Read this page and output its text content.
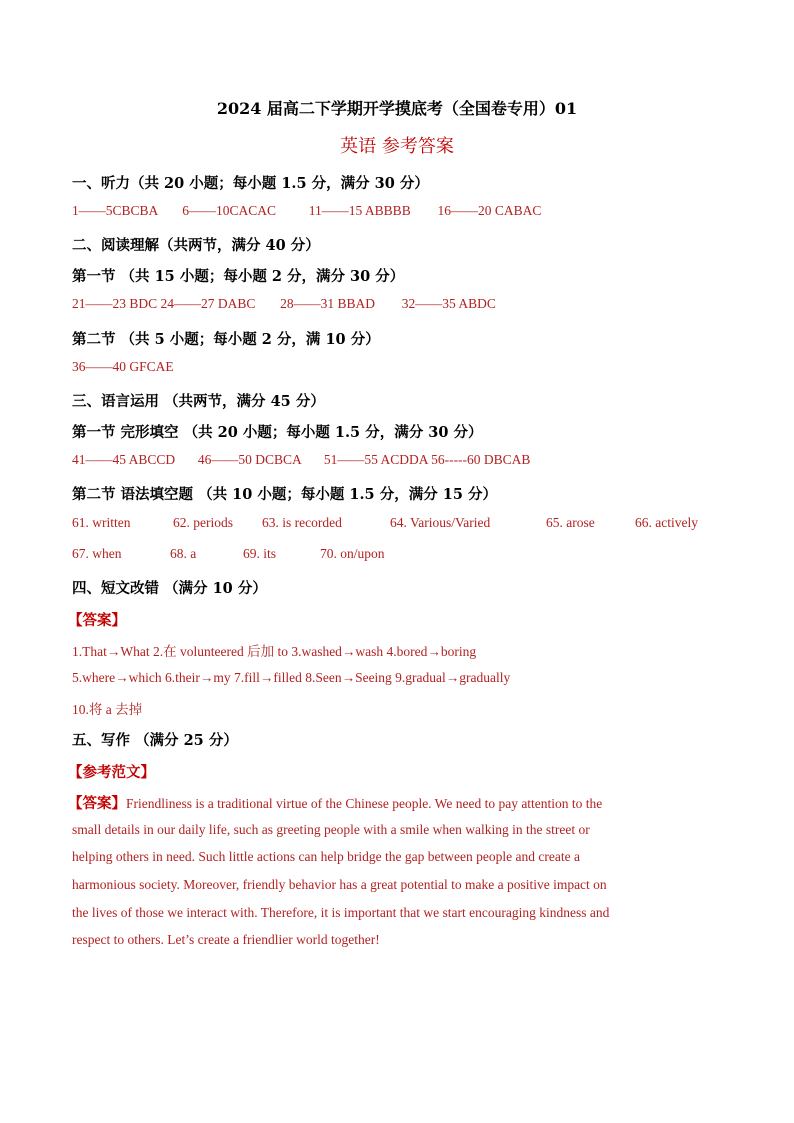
2024 届高二下学期开学摸底考（全国卷专用）01
英语 参考答案
一、听力（共 20 小题；每小题 1.5 分，满分 30 分）
1——5CBCBA 6——10CACAC 11——15 ABBBB 16——20 CABAC
二、阅读理解（共两节，满分 40 分）
第一节 （共 15 小题；每小题 2 分，满分 30 分）
21——23 BDC 24——27 DABC 28——31 BBAD 32——35 ABDC
第二节 （共 5 小题；每小题 2 分，满 10 分）
36——40 GFCAE
三、语言运用 （共两节，满分 45 分）
第一节 完形填空 （共 20 小题；每小题 1.5 分，满分 30 分）
41——45 ABCCD 46——50 DCBCA 51——55 ACDDA 56-----60 DBCAB
第二节 语法填空题 （共 10 小题；每小题 1.5 分，满分 15 分）
61. written	62. periods 63. is recorded	64. Various/Varied	65. arose	66. actively
67. when	68. a	69. its	70. on/upon
四、短文改错 （满分 10 分）
【答案】
1.That→What 2.在 volunteered 后加 to 3.washed→wash 4.bored→boring
5.where→which 6.their→my 7.fill→filled 8.Seen→Seeing 9.gradual→gradually
10.将 a 去掉
五、写作 （满分 25 分）
【参考范文】
【答案】Friendliness is a traditional virtue of the Chinese people. We need to pay attention to the
small details in our daily life, such as greeting people with a smile when walking in the street or
helping others in need. Such little actions can help bridge the gap between people and create a
harmonious society. Moreover, friendly behavior has a great potential to make a positive impact on
the lives of those we interact with. Therefore, it is important that we start encouraging kindness and
respect to others. Let’s create a friendlier world together!
